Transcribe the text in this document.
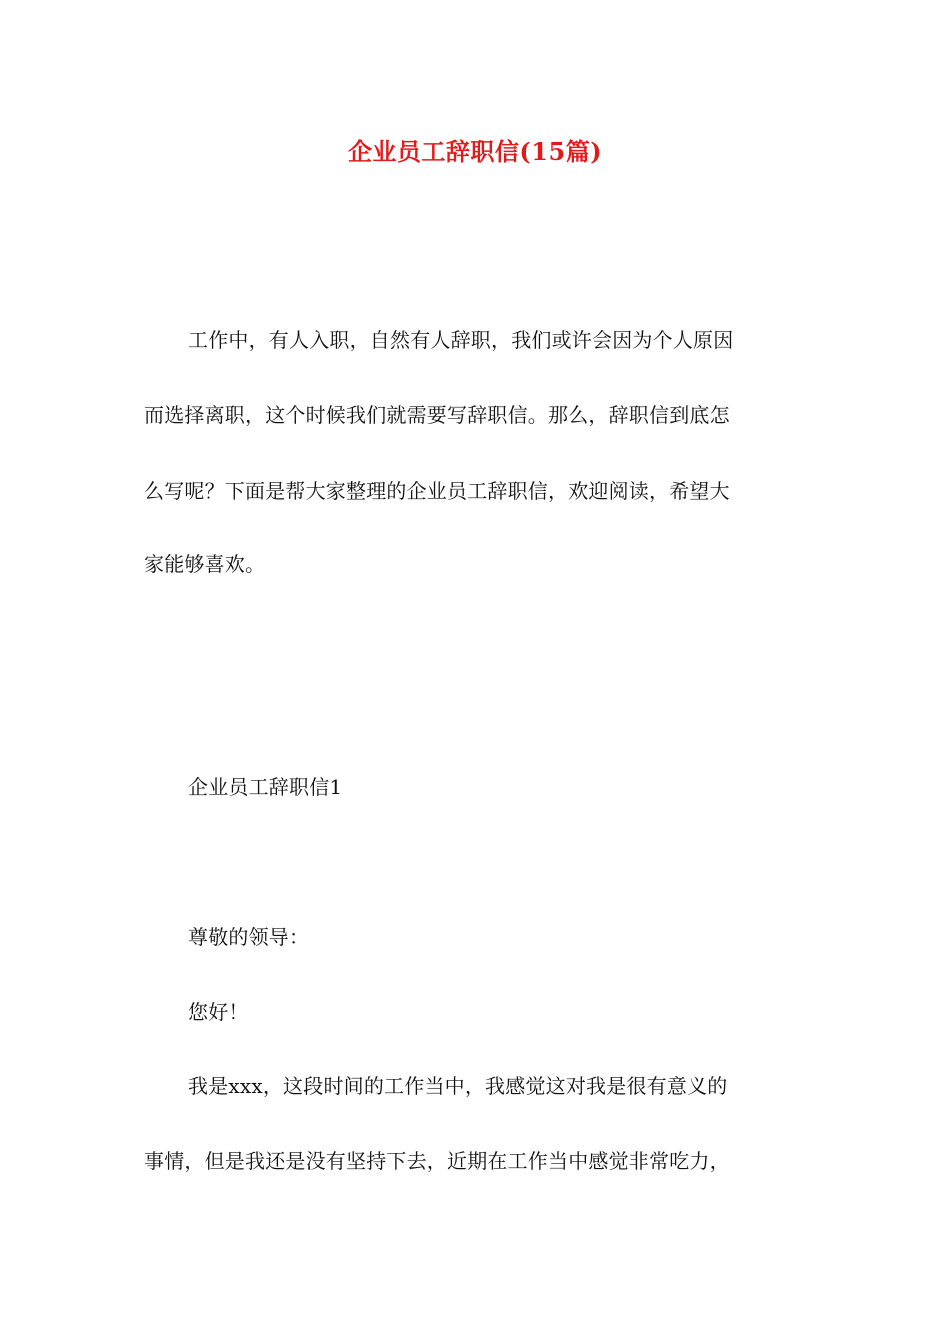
企业员工辞职信(15篇)
工作中，有人入职，自然有人辞职，我们或许会因为个人原因
而选择离职，这个时候我们就需要写辞职信。那么，辞职信到底怎
么写呢？下面是帮大家整理的企业员工辞职信，欢迎阅读，希望大
家能够喜欢。
企业员工辞职信1
尊敬的领导：
您好！
我是xxx，这段时间的工作当中，我感觉这对我是很有意义的
事情，但是我还是没有坚持下去，近期在工作当中感觉非常吃力，
